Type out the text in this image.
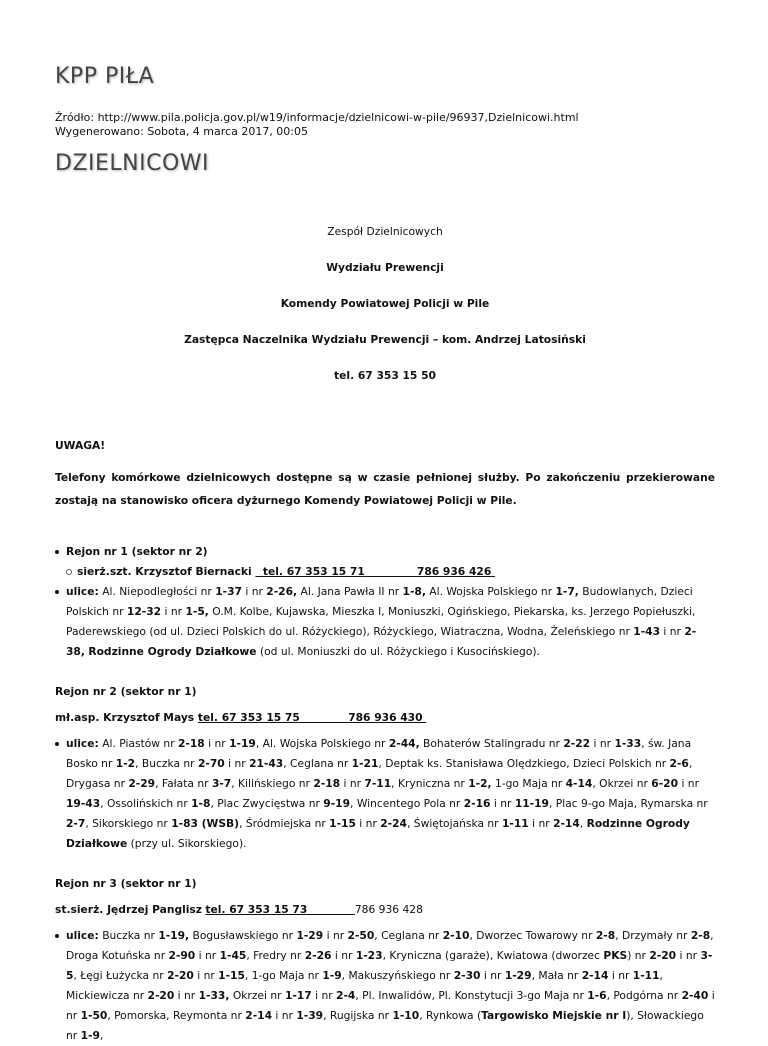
KPP PIŁA
Źródło: http://www.pila.policja.gov.pl/w19/informacje/dzielnicowi-w-pile/96937,Dzielnicowi.html
Wygenerowano: Sobota, 4 marca 2017, 00:05
DZIELNICOWI

Zespół Dzielnicowych

Wydziału Prewencji

Komendy Powiatowej Policji w Pile

Zastępca Naczelnika Wydziału Prewencji – kom. Andrzej Latosiński

tel. 67 353 15 50

UWAGA!

Telefony komórkowe dzielnicowych dostępne są w czasie pełnionej służby. Po zakończeniu przekierowane zostają na stanowisko oficera dyżurnego Komendy Powiatowej Policji w Pile.

Rejon nr 1 (sektor nr 2)
sierż.szt. Krzysztof Biernacki tel. 67 353 15 71	786 936 426
ulice: Al. Niepodległości nr 1-37 i nr 2-26, Al. Jana Pawła II nr 1-8, Al. Wojska Polskiego nr 1-7, Budowlanych, Dzieci Polskich nr 12-32 i nr 1-5, O.M. Kolbe, Kujawska, Mieszka I, Moniuszki, Ogińskiego, Piekarska, ks. Jerzego Popiełuszki, Paderewskiego (od ul. Dzieci Polskich do ul. Różyckiego), Różyckiego, Wiatraczna, Wodna, Żeleńskiego nr 1-43 i nr 2-38, Rodzinne Ogrody Działkowe (od ul. Moniuszki do ul. Różyckiego i Kusocińskiego).

Rejon nr 2 (sektor nr 1)

mł.asp. Krzysztof Mays tel. 67 353 15 75	786 936 430

ulice: Al. Piastów nr 2-18 i nr 1-19, Al. Wojska Polskiego nr 2-44, Bohaterów Stalingradu nr 2-22 i nr 1-33, św. Jana Bosko nr 1-2, Buczka nr 2-70 i nr 21-43, Ceglana nr 1-21, Deptak ks. Stanisława Olędzkiego, Dzieci Polskich nr 2-6, Drygasa nr 2-29, Fałata nr 3-7, Kilińskiego nr 2-18 i nr 7-11, Kryniczna nr 1-2, 1-go Maja nr 4-14, Okrzei nr 6-20 i nr 19-43, Ossolińskich nr 1-8, Plac Zwycięstwa nr 9-19, Wincentego Pola nr 2-16 i nr 11-19, Plac 9-go Maja, Rymarska nr 2-7, Sikorskiego nr 1-83 (WSB), Śródmiejska nr 1-15 i nr 2-24, Świętojańska nr 1-11 i nr 2-14, Rodzinne Ogrody Działkowe (przy ul. Sikorskiego).

Rejon nr 3 (sektor nr 1)

st.sierż. Jędrzej Panglisz tel. 67 353 15 73	786 936 428

ulice: Buczka nr 1-19, Bogusławskiego nr 1-29 i nr 2-50, Ceglana nr 2-10, Dworzec Towarowy nr 2-8, Drzymały nr 2-8, Droga Kotuńska nr 2-90 i nr 1-45, Fredry nr 2-26 i nr 1-23, Kryniczna (garaże), Kwiatowa (dworzec PKS) nr 2-20 i nr 3-5, Łęgi Łużycka nr 2-20 i nr 1-15, 1-go Maja nr 1-9, Makuszyńskiego nr 2-30 i nr 1-29, Mała nr 2-14 i nr 1-11, Mickiewicza nr 2-20 i nr 1-33, Okrzei nr 1-17 i nr 2-4, Pl. Inwalidów, Pl. Konstytucji 3-go Maja nr 1-6, Podgórna nr 2-40 i nr 1-50, Pomorska, Reymonta nr 2-14 i nr 1-39, Rugijska nr 1-10, Rynkowa (Targowisko Miejskie nr I), Słowackiego nr 1-9,
